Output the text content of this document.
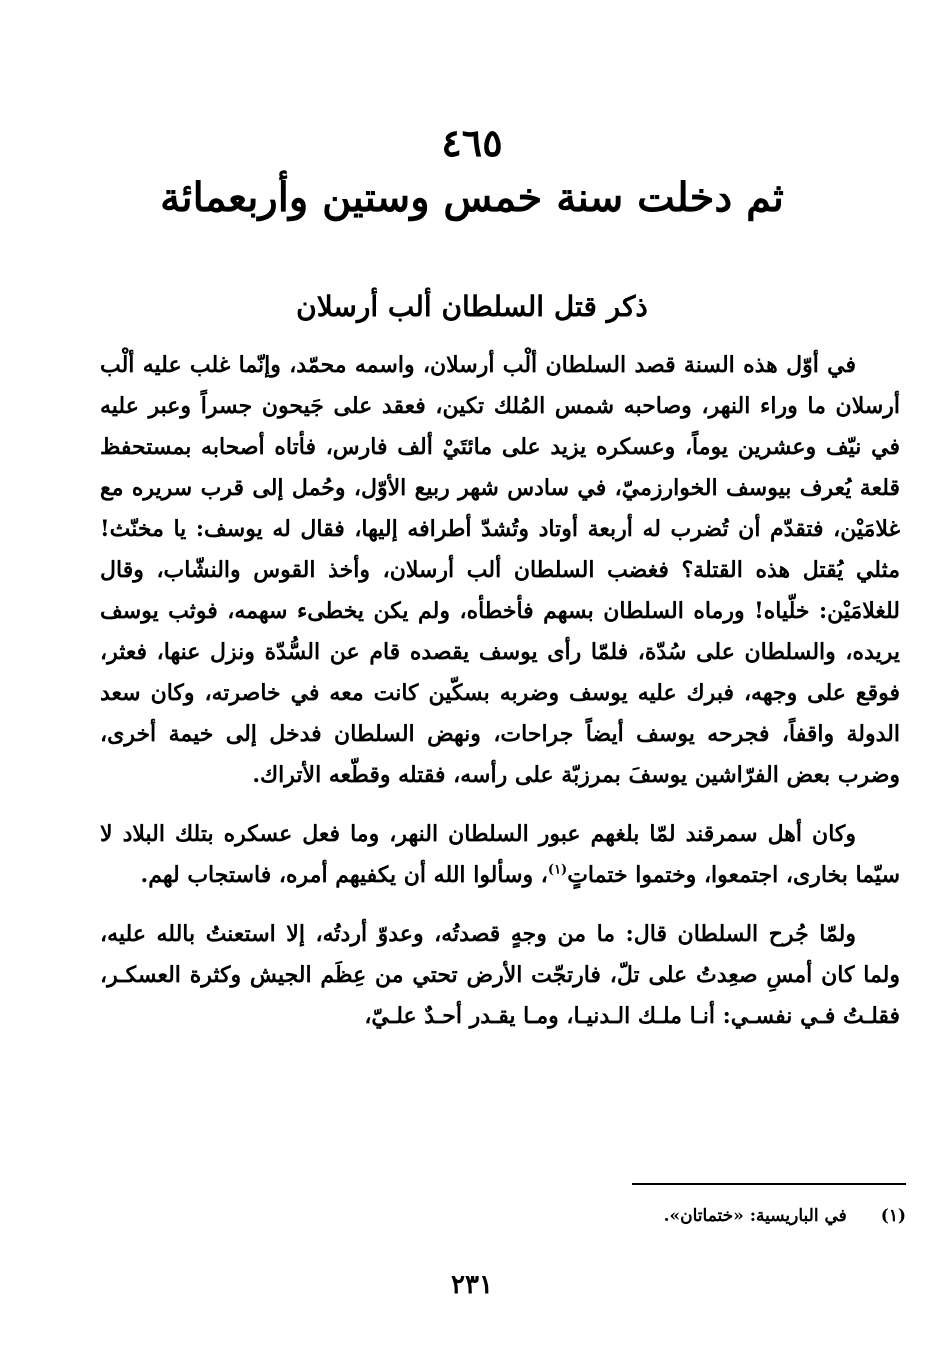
٤٦٥
ثم دخلت سنة خمس وستين وأربعمائة
ذكر قتل السلطان ألب أرسلان

في أوّل هذه السنة قصد السلطان ألْب أرسلان، واسمه محمّد، وإنّما غلب عليه ألْب أرسلان ما وراء النهر، وصاحبه شمس المُلك تكين، فعقد على جَيحون جسراً وعبر عليه في نيّف وعشرين يوماً، وعسكره يزيد على مائتَيْ ألف فارس، فأتاه أصحابه بمستحفظ قلعة يُعرف بيوسف الخوارزميّ، في سادس شهر ربيع الأوّل، وحُمل إلى قرب سريره مع غلامَيْن، فتقدّم أن تُضرب له أربعة أوتاد وتُشدّ أطرافه إليها، فقال له يوسف: يا مخنّث! مثلي يُقتل هذه القتلة؟ فغضب السلطان ألب أرسلان، وأخذ القوس والنشّاب، وقال للغلامَيْن: خلّياه! ورماه السلطان بسهم فأخطأه، ولم يكن يخطىء سهمه، فوثب يوسف يريده، والسلطان على سُدّة، فلمّا رأى يوسف يقصده قام عن السُّدّة ونزل عنها، فعثر، فوقع على وجهه، فبرك عليه يوسف وضربه بسكّين كانت معه في خاصرته، وكان سعد الدولة واقفاً، فجرحه يوسف أيضاً جراحات، ونهض السلطان فدخل إلى خيمة أخرى، وضرب بعض الفرّاشين يوسفَ بمرزبّة على رأسه، فقتله وقطّعه الأتراك.

وكان أهل سمرقند لمّا بلغهم عبور السلطان النهر، وما فعل عسكره بتلك البلاد لا سيّما بخارى، اجتمعوا، وختموا ختماتٍ$^{(١)}$، وسألوا الله أن يكفيهم أمره، فاستجاب لهم.

ولمّا جُرح السلطان قال: ما من وجهٍ قصدتُه، وعدوّ أردتُه، إلا استعنتُ بالله عليه، ولما كان أمسِ صعِدتُ على تلّ، فارتجّت الأرض تحتي من عِظَم الجيش وكثرة العسكـر، فقلـتُ فـي نفسـي: أنـا ملـك الـدنيـا، ومـا يقـدر أحـدٌ علـيّ،

(١)في الباريسية: «ختماتان».
٢٣١
